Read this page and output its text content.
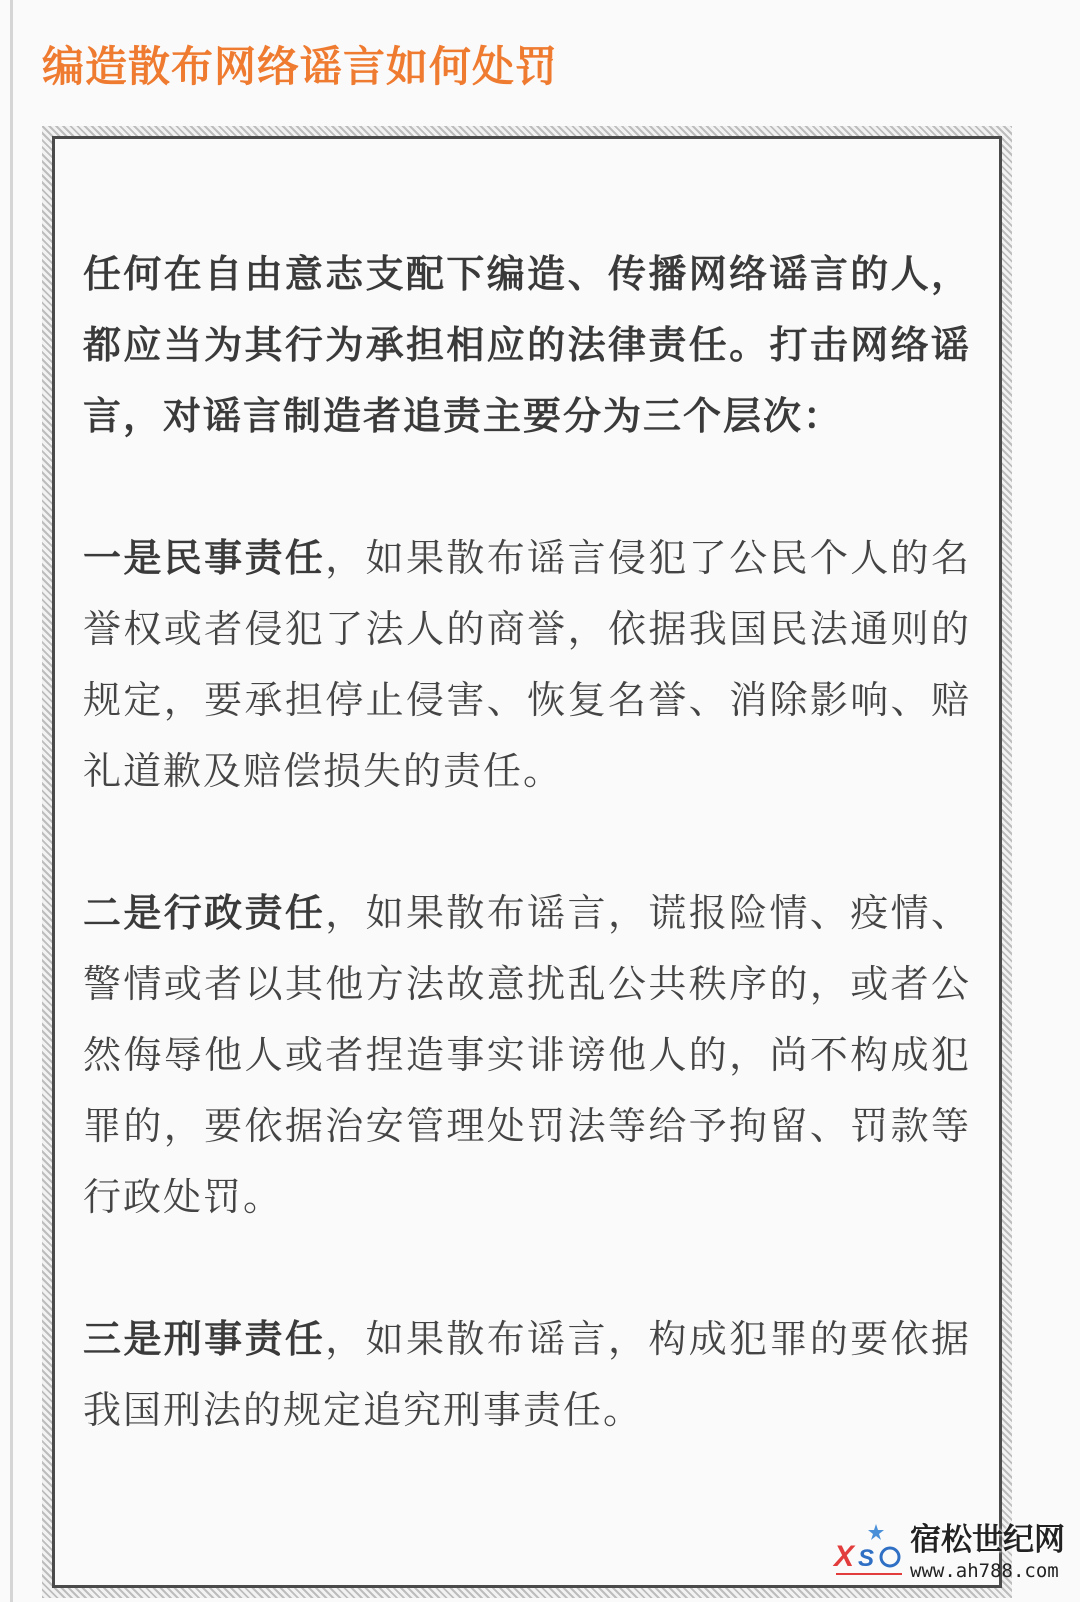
编造散布网络谣言如何处罚

任何在自由意志支配下编造、传播网络谣言的人，都应当为其行为承担相应的法律责任。打击网络谣言，对谣言制造者追责主要分为三个层次：

一是民事责任，如果散布谣言侵犯了公民个人的名誉权或者侵犯了法人的商誉，依据我国民法通则的规定，要承担停止侵害、恢复名誉、消除影响、赔礼道歉及赔偿损失的责任。

二是行政责任，如果散布谣言，谎报险情、疫情、警情或者以其他方法故意扰乱公共秩序的，或者公然侮辱他人或者捏造事实诽谤他人的，尚不构成犯罪的，要依据治安管理处罚法等给予拘留、罚款等行政处罚。

三是刑事责任，如果散布谣言，构成犯罪的要依据我国刑法的规定追究刑事责任。

X S
宿松世纪网
www.ah788.com
